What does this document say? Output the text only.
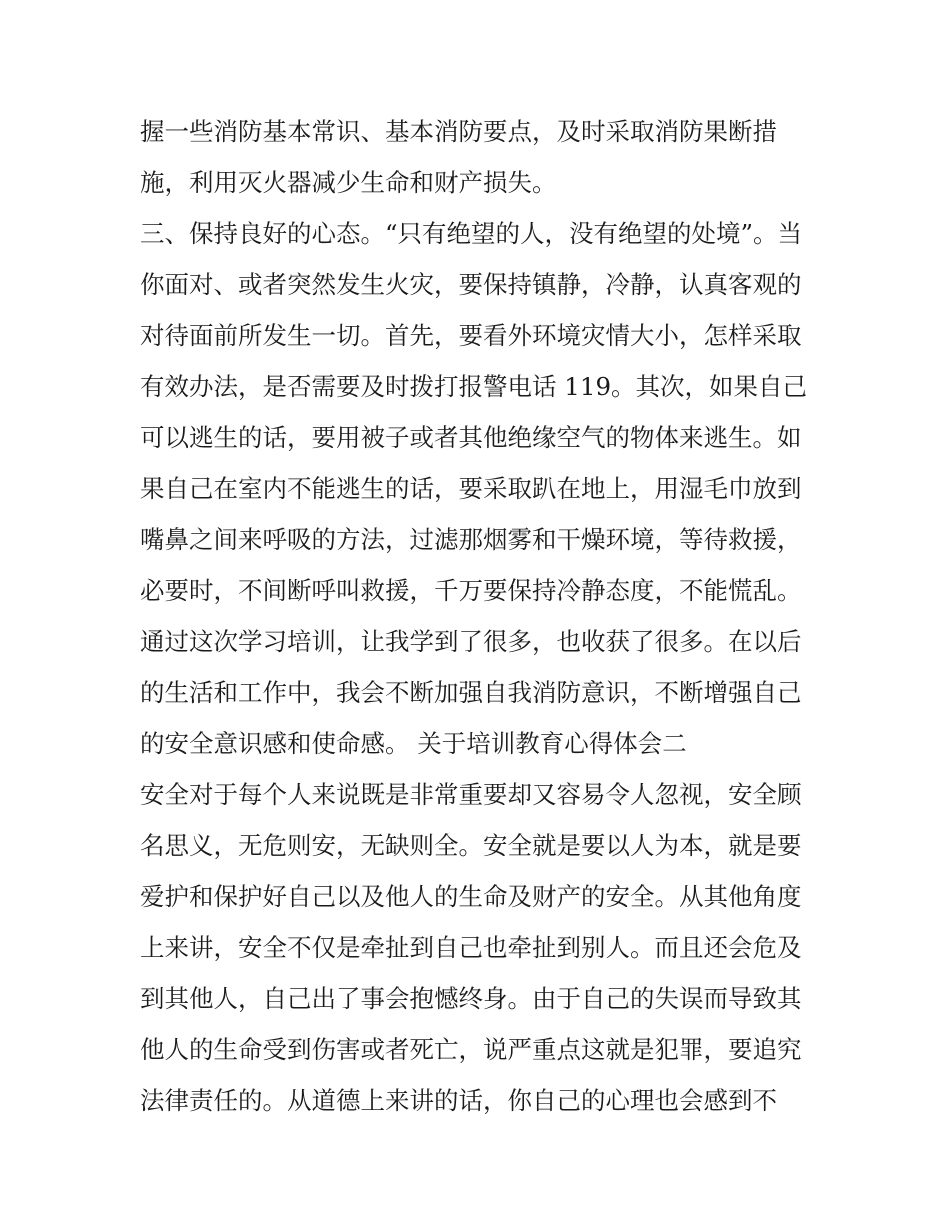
握一些消防基本常识、基本消防要点，及时采取消防果断措
施，利用灭火器减少生命和财产损失。
三、保持良好的心态。“只有绝望的人，没有绝望的处境”。当
你面对、或者突然发生火灾，要保持镇静，冷静，认真客观的
对待面前所发生一切。首先，要看外环境灾情大小，怎样采取
有效办法，是否需要及时拨打报警电话 119。其次，如果自己
可以逃生的话，要用被子或者其他绝缘空气的物体来逃生。如
果自己在室内不能逃生的话，要采取趴在地上，用湿毛巾放到
嘴鼻之间来呼吸的方法，过滤那烟雾和干燥环境，等待救援，
必要时，不间断呼叫救援，千万要保持冷静态度，不能慌乱。
通过这次学习培训，让我学到了很多，也收获了很多。在以后
的生活和工作中，我会不断加强自我消防意识，不断增强自己
的安全意识感和使命感。 关于培训教育心得体会二
安全对于每个人来说既是非常重要却又容易令人忽视，安全顾
名思义，无危则安，无缺则全。安全就是要以人为本，就是要
爱护和保护好自己以及他人的生命及财产的安全。从其他角度
上来讲，安全不仅是牵扯到自己也牵扯到别人。而且还会危及
到其他人，自己出了事会抱憾终身。由于自己的失误而导致其
他人的生命受到伤害或者死亡，说严重点这就是犯罪，要追究
法律责任的。从道德上来讲的话，你自己的心理也会感到不
